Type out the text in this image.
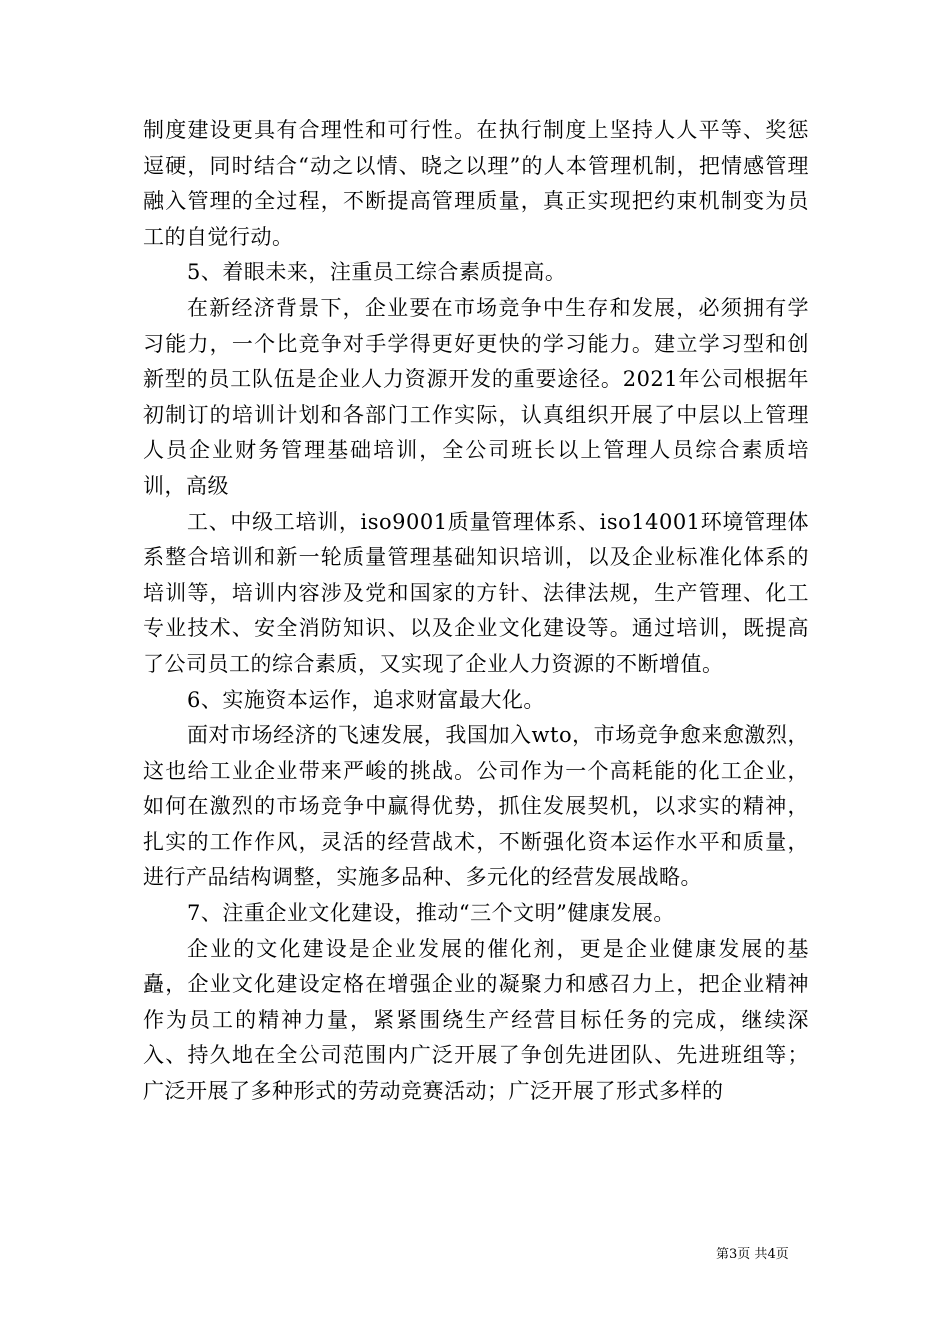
制度建设更具有合理性和可行性。在执行制度上坚持人人平等、奖惩逗硬，同时结合“动之以情、晓之以理”的人本管理机制，把情感管理融入管理的全过程，不断提高管理质量，真正实现把约束机制变为员工的自觉行动。

5、着眼未来，注重员工综合素质提高。

在新经济背景下，企业要在市场竞争中生存和发展，必须拥有学习能力，一个比竞争对手学得更好更快的学习能力。建立学习型和创新型的员工队伍是企业人力资源开发的重要途径。2021年公司根据年初制订的培训计划和各部门工作实际，认真组织开展了中层以上管理人员企业财务管理基础培训，全公司班长以上管理人员综合素质培训，高级

工、中级工培训，iso9001质量管理体系、iso14001环境管理体系整合培训和新一轮质量管理基础知识培训，以及企业标准化体系的培训等，培训内容涉及党和国家的方针、法律法规，生产管理、化工专业技术、安全消防知识、以及企业文化建设等。通过培训，既提高了公司员工的综合素质，又实现了企业人力资源的不断增值。

6、实施资本运作，追求财富最大化。

面对市场经济的飞速发展，我国加入wto，市场竞争愈来愈激烈，这也给工业企业带来严峻的挑战。公司作为一个高耗能的化工企业，如何在激烈的市场竞争中赢得优势，抓住发展契机，以求实的精神，扎实的工作作风，灵活的经营战术，不断强化资本运作水平和质量，进行产品结构调整，实施多品种、多元化的经营发展战略。

7、注重企业文化建设，推动“三个文明”健康发展。

企业的文化建设是企业发展的催化剂，更是企业健康发展的基矗，企业文化建设定格在增强企业的凝聚力和感召力上，把企业精神作为员工的精神力量，紧紧围绕生产经营目标任务的完成，继续深入、持久地在全公司范围内广泛开展了争创先进团队、先进班组等；广泛开展了多种形式的劳动竞赛活动；广泛开展了形式多样的

第3页 共4页
